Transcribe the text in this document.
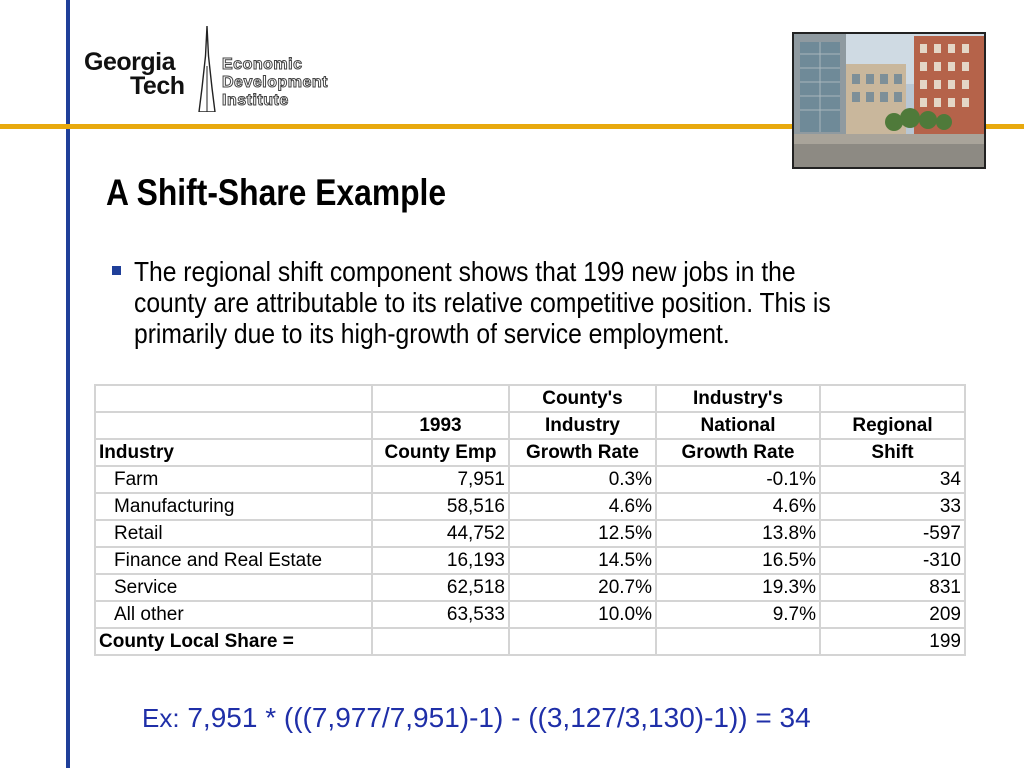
Georgia
Tech
Economic
Development
Institute
A Shift-Share Example
The regional shift component shows that 199 new jobs in the county are attributable to its relative competitive position. This is primarily due to its high-growth of service employment.
		County's	Industry's	
	1993	Industry	National	Regional
Industry	County Emp	Growth Rate	Growth Rate	Shift
Farm	7,951	0.3%	-0.1%	34
Manufacturing	58,516	4.6%	4.6%	33
Retail	44,752	12.5%	13.8%	-597
Finance and Real Estate	16,193	14.5%	16.5%	-310
Service	62,518	20.7%	19.3%	831
All other	63,533	10.0%	9.7%	209
County Local Share =				199
Ex: 7,951 * (((7,977/7,951)-1) - ((3,127/3,130)-1)) = 34
